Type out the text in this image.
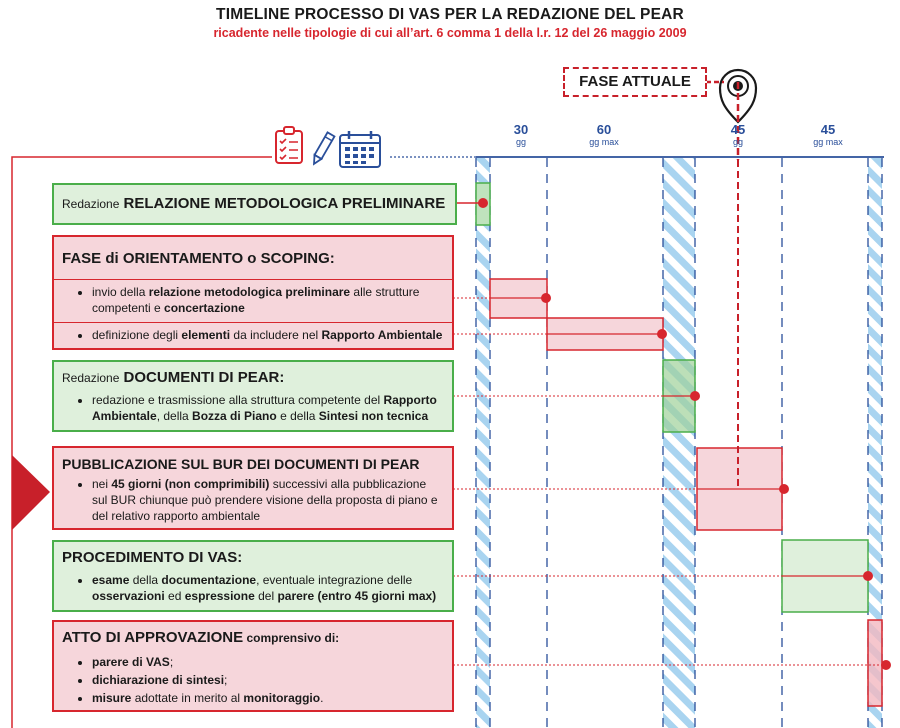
TIMELINE PROCESSO DI VAS PER LA REDAZIONE DEL PEAR
ricadente nelle tipologie di cui all’art. 6 comma 1 della l.r. 12 del 26 maggio 2009
FASE ATTUALE
30
gg
60
gg max
45
gg
45
gg max
Redazione RELAZIONE METODOLOGICA PRELIMINARE
FASE di ORIENTAMENTO o SCOPING:
• invio della relazione metodologica preliminare alle strutture competenti e concertazione
• definizione degli elementi da includere nel Rapporto Ambientale
Redazione DOCUMENTI DI PEAR:
• redazione e trasmissione alla struttura competente del Rapporto Ambientale, della Bozza di Piano e della Sintesi non tecnica
PUBBLICAZIONE SUL BUR DEI DOCUMENTI DI PEAR
• nei 45 giorni (non comprimibili) successivi alla pubblicazione sul BUR chiunque può prendere visione della proposta di piano e del relativo rapporto ambientale
PROCEDIMENTO DI VAS:
• esame della documentazione, eventuale integrazione delle osservazioni ed espressione del parere (entro 45 giorni max)
ATTO DI APPROVAZIONE comprensivo di:
• parere di VAS;
• dichiarazione di sintesi;
• misure adottate in merito al monitoraggio.
